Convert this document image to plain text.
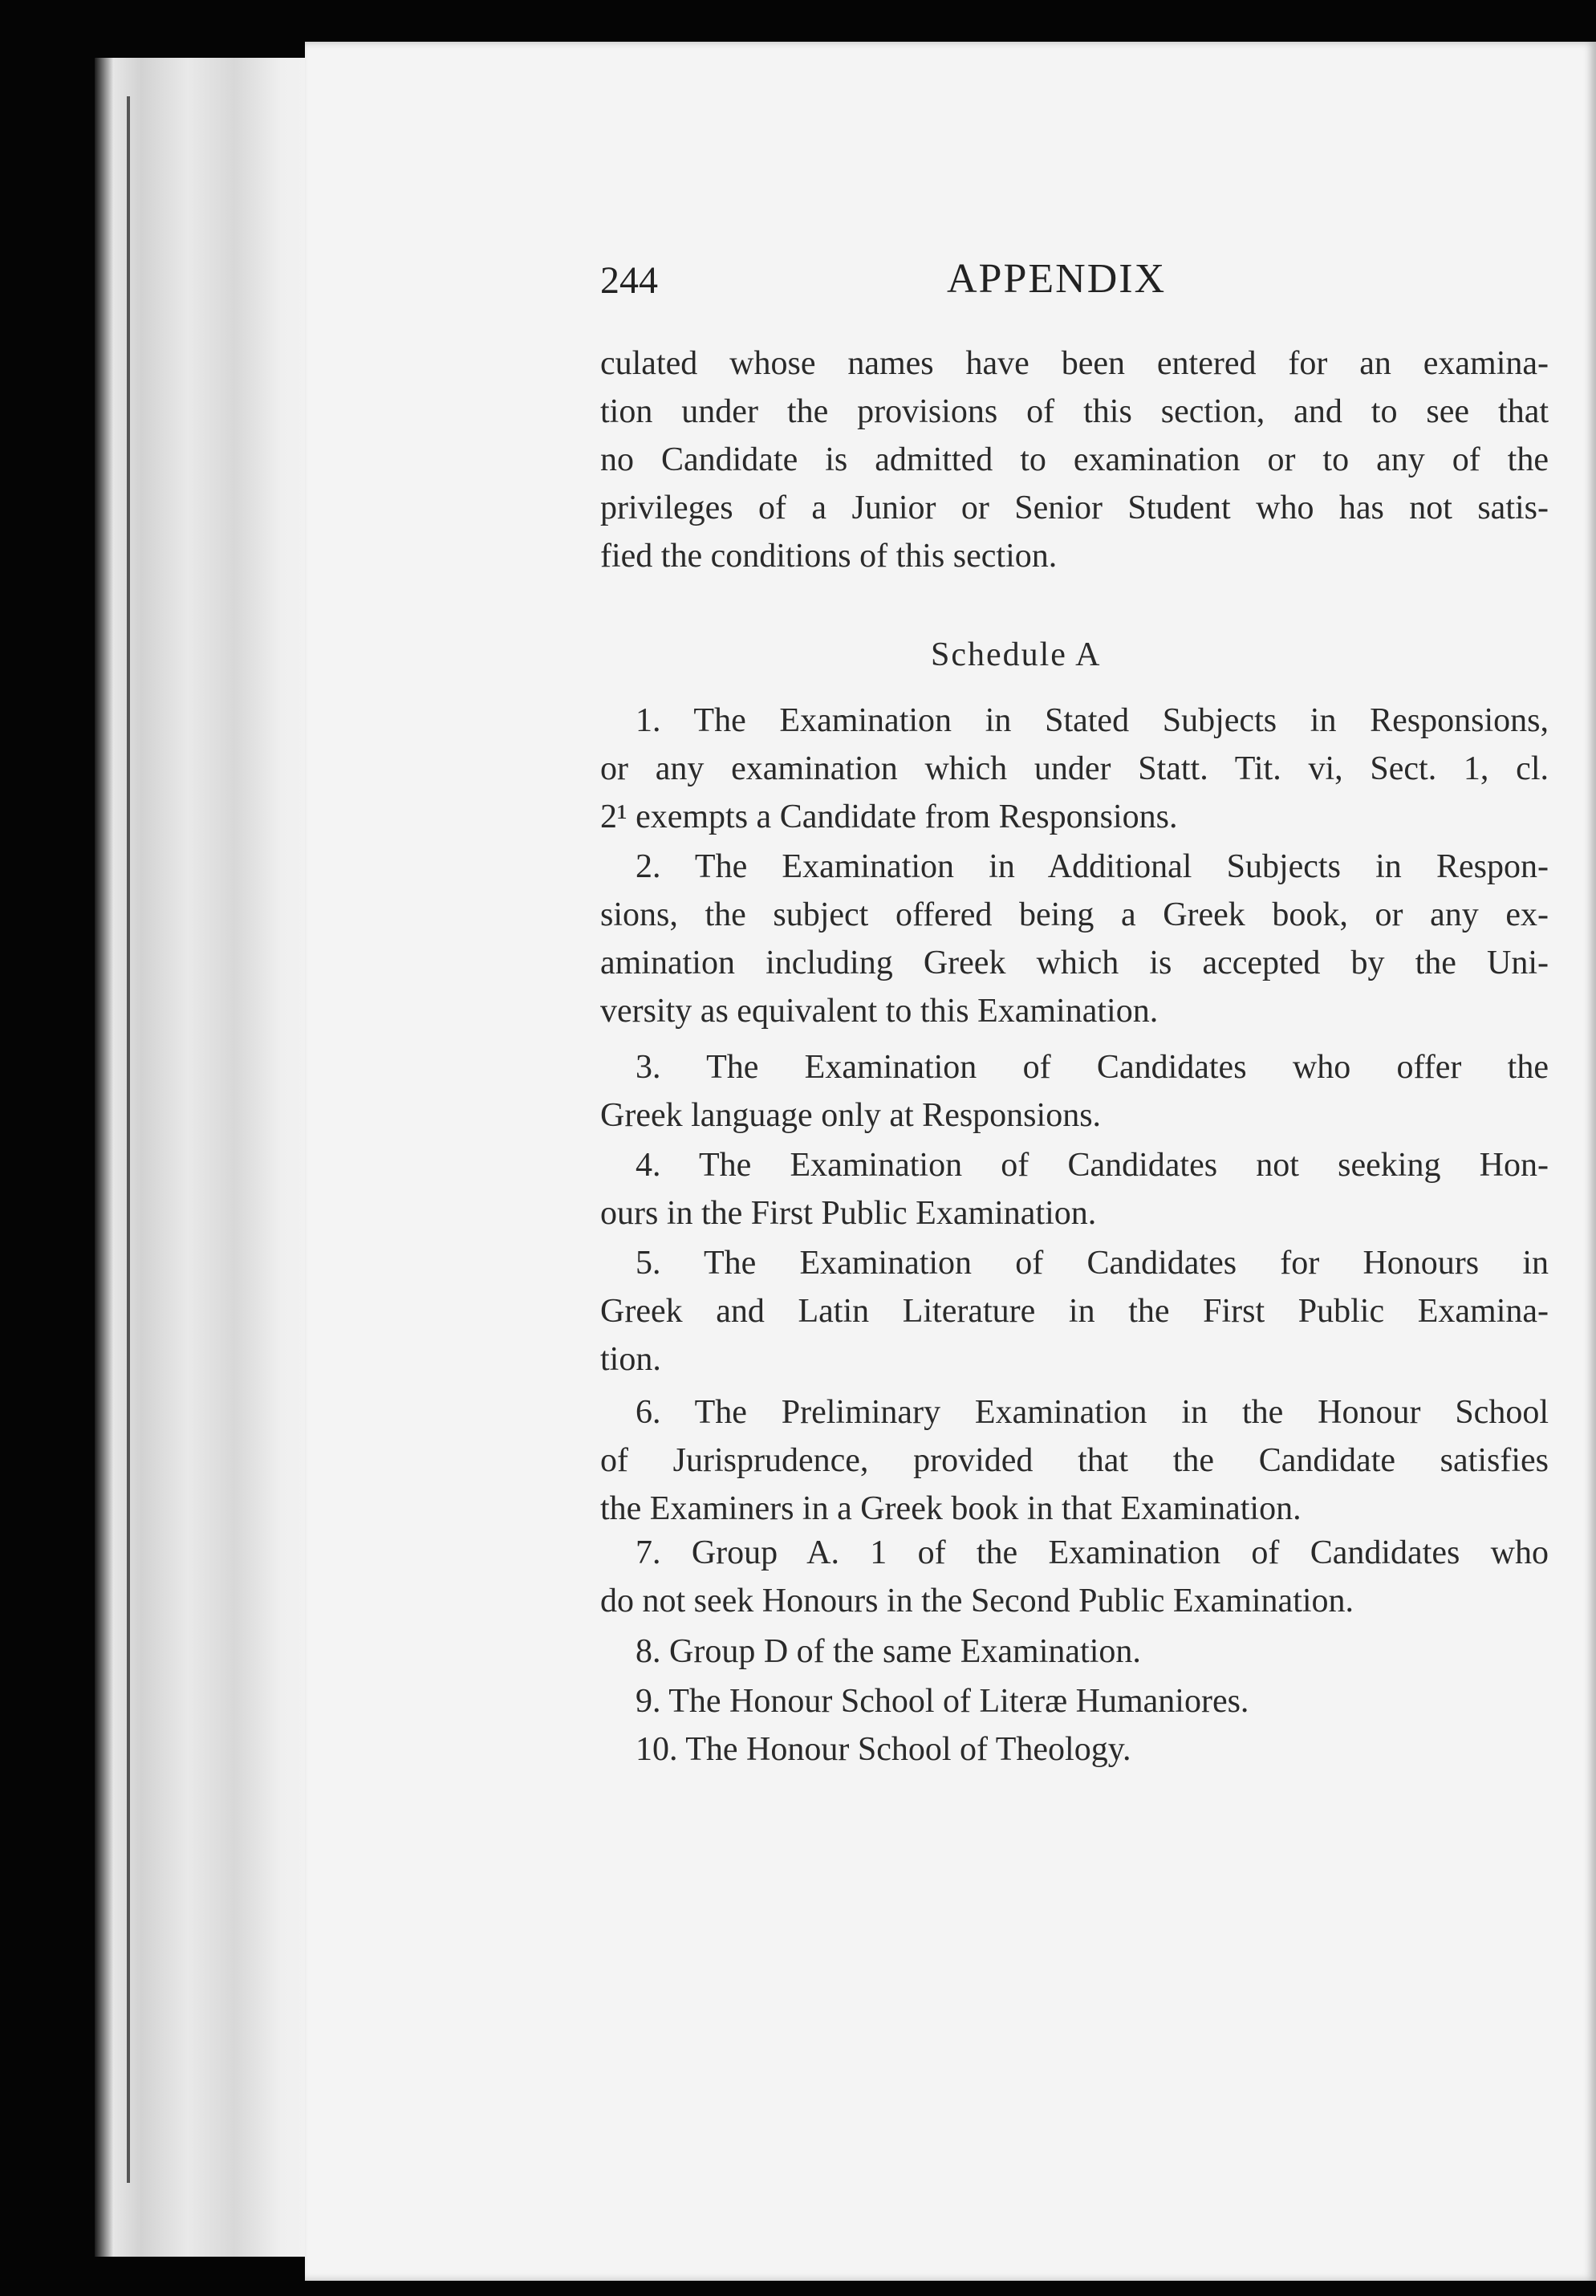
244	APPENDIX
culated whose names have been entered for an examina-
tion under the provisions of this section, and to see that
no Candidate is admitted to examination or to any of the
privileges of a Junior or Senior Student who has not satis-
fied the conditions of this section.
Schedule A
1. The Examination in Stated Subjects in Responsions,
or any examination which under Statt. Tit. vi, Sect. 1, cl.
2¹ exempts a Candidate from Responsions.
2. The Examination in Additional Subjects in Respon-
sions, the subject offered being a Greek book, or any ex-
amination including Greek which is accepted by the Uni-
versity as equivalent to this Examination.
3. The Examination of Candidates who offer the
Greek language only at Responsions.
4. The Examination of Candidates not seeking Hon-
ours in the First Public Examination.
5. The Examination of Candidates for Honours in
Greek and Latin Literature in the First Public Examina-
tion.
6. The Preliminary Examination in the Honour School
of Jurisprudence, provided that the Candidate satisfies
the Examiners in a Greek book in that Examination.
7. Group A. 1 of the Examination of Candidates who
do not seek Honours in the Second Public Examination.
8. Group D of the same Examination.
9. The Honour School of Literæ Humaniores.
10. The Honour School of Theology.
